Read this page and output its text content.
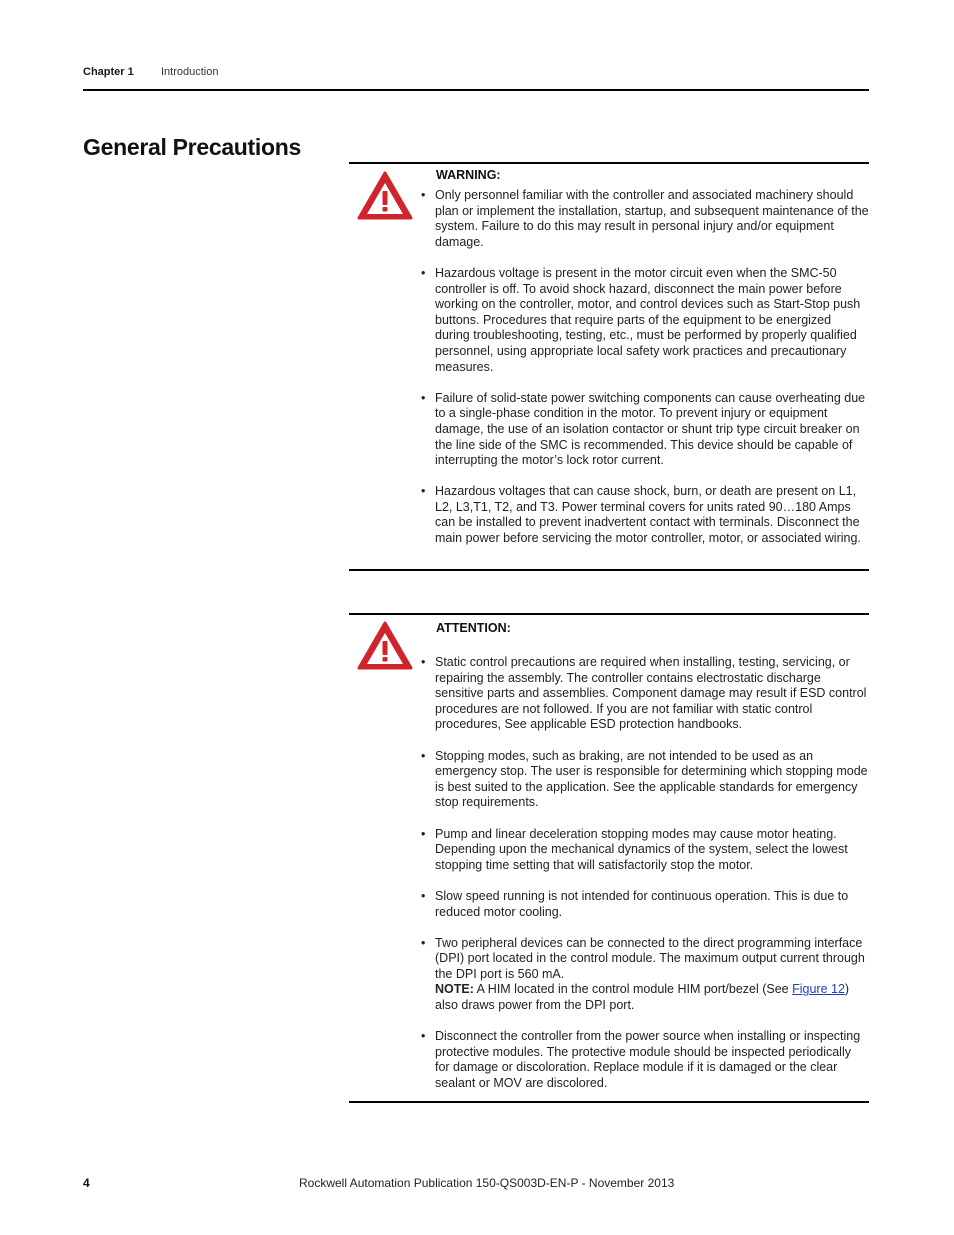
Chapter 1 Introduction
General Precautions
WARNING:
• Only personnel familiar with the controller and associated machinery should plan or implement the installation, startup, and subsequent maintenance of the system. Failure to do this may result in personal injury and/or equipment damage.
• Hazardous voltage is present in the motor circuit even when the SMC-50 controller is off. To avoid shock hazard, disconnect the main power before working on the controller, motor, and control devices such as Start-Stop push buttons. Procedures that require parts of the equipment to be energized during troubleshooting, testing, etc., must be performed by properly qualified personnel, using appropriate local safety work practices and precautionary measures.
• Failure of solid-state power switching components can cause overheating due to a single-phase condition in the motor. To prevent injury or equipment damage, the use of an isolation contactor or shunt trip type circuit breaker on the line side of the SMC is recommended. This device should be capable of interrupting the motor’s lock rotor current.
• Hazardous voltages that can cause shock, burn, or death are present on L1, L2, L3,T1, T2, and T3. Power terminal covers for units rated 90…180 Amps can be installed to prevent inadvertent contact with terminals. Disconnect the main power before servicing the motor controller, motor, or associated wiring.
ATTENTION:
• Static control precautions are required when installing, testing, servicing, or repairing the assembly. The controller contains electrostatic discharge sensitive parts and assemblies. Component damage may result if ESD control procedures are not followed. If you are not familiar with static control procedures, See applicable ESD protection handbooks.
• Stopping modes, such as braking, are not intended to be used as an emergency stop. The user is responsible for determining which stopping mode is best suited to the application. See the applicable standards for emergency stop requirements.
• Pump and linear deceleration stopping modes may cause motor heating. Depending upon the mechanical dynamics of the system, select the lowest stopping time setting that will satisfactorily stop the motor.
• Slow speed running is not intended for continuous operation. This is due to reduced motor cooling.
• Two peripheral devices can be connected to the direct programming interface (DPI) port located in the control module. The maximum output current through the DPI port is 560 mA.
NOTE: A HIM located in the control module HIM port/bezel (See Figure 12) also draws power from the DPI port.
• Disconnect the controller from the power source when installing or inspecting protective modules. The protective module should be inspected periodically for damage or discoloration. Replace module if it is damaged or the clear sealant or MOV are discolored.
4	Rockwell Automation Publication 150-QS003D-EN-P - November 2013
